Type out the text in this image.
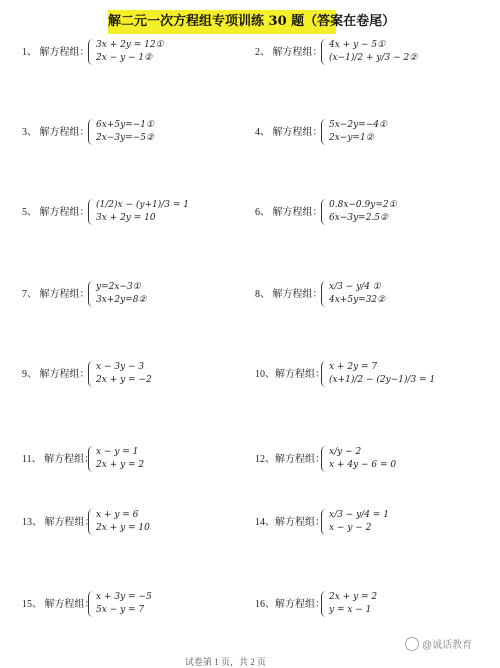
解二元一次方程组专项训练 30 题（答案在卷尾）
1、 解方程组：
3x + 2y = 12①
2x − y − 1②	2、 解方程组：
4x + y − 5①
(x−1)/2 + y/3 − 2②
3、 解方程组：
6x+5y=−1①
2x−3y=−5②	4、 解方程组：
5x−2y=−4①
2x−y=1②
5、 解方程组：
(1/2)x − (y+1)/3 = 1
3x + 2y = 10	6、 解方程组：
0.8x−0.9y=2①
6x−3y=2.5②
7、 解方程组：
y=2x−3①
3x+2y=8②	8、 解方程组：
x/3 − y/4 ①
4x+5y=32②
9、 解方程组：
x − 3y − 3
2x + y = −2	10、解方程组：
x + 2y = 7
(x+1)/2 − (2y−1)/3 = 1
11、 解方程组：
x − y = 1
2x + y = 2	12、解方程组：
x/y − 2
x + 4y − 6 = 0
13、 解方程组：
x + y = 6
2x + y = 10	14、解方程组：
x/3 − y/4 = 1
x − y − 2
15、 解方程组：
x + 3y = −5
5x − y = 7	16、解方程组：
2x + y = 2
y = x − 1
试卷第 1 页，共 2 页
@诚话教育
